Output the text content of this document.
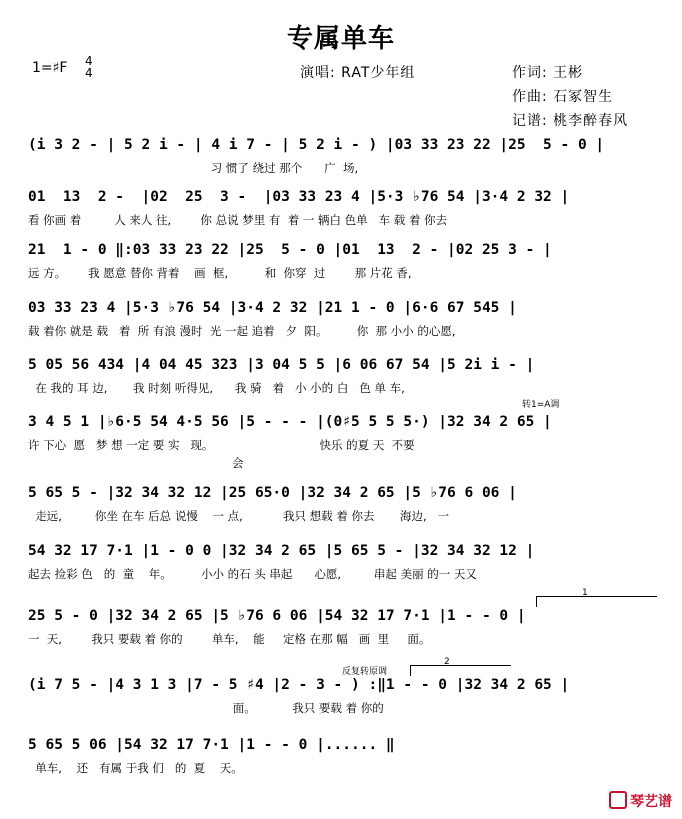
专属单车
1=♯F 4
4	演唱: RAT少年组	作词: 王彬
作曲: 石冢智生
记谱: 桃李醉春风
(i 3 2 - | 5 2 i - | 4 i 7 - | 5 2 i - ) |03 33 23 22 |25  5 - 0 |
习 惯了 绕过 那个      广  场,
01  13  2 -  |02  25  3 -  |03 33 23 4 |5·3 ♭76 54 |3·4 2 32 |
看 你画 着         人 来人 往,        你 总说 梦里 有  着 一 辆白 色单   车 载 着 你去
21  1 - 0 ‖:03 33 23 22 |25  5 - 0 |01  13  2 - |02 25 3 - |
远 方。      我 愿意 替你 背着    画  框,          和  你穿  过        那 片花 香,
03 33 23 4 |5·3 ♭76 54 |3·4 2 32 |21 1 - 0 |6·6 67 545 |
载 着你 就是 载   着  所 有浪 漫时  光 一起 追着   夕  阳。        你  那 小小 的心愿,
5 05 56 434 |4 04 45 323 |3 04 5 5 |6 06 67 54 |5 2i i - |
在 我的 耳 边,       我 时刻 听得见,      我 骑   着   小 小的 白   色 单 车,
转1=A调
3 4 5 1 |♭6·5 54 4·5 56 |5 - - - |(0♯5 5 5 5·) |32 34 2 65 |
许 下心  愿   梦 想 一定 要 实   现。                             快乐 的夏 天  不要
会
5 65 5 - |32 34 32 12 |25 65·0 |32 34 2 65 |5 ♭76 6 06 |
走远,         你坐 在车 后总 说慢    一 点,           我只 想载 着 你去       海边,   一
54 32 17 7·1 |1 - 0 0 |32 34 2 65 |5 65 5 - |32 34 32 12 |
起去 捡彩 色   的  童    年。        小小 的石 头 串起      心愿,         串起 美丽 的一 天又
1
25 5 - 0 |32 34 2 65 |5 ♭76 6 06 |54 32 17 7·1 |1 - - 0 |
一  天,        我只 要载 着 你的        单车,    能     定格 在那 幅   画  里     面。
反复转原调
2
(i 7 5 - |4 3 1 3 |7 - 5 ♯4 |2 - 3 - ) :‖1 - - 0 |32 34 2 65 |
面。          我只 要载 着 你的
5 65 5 06 |54 32 17 7·1 |1 - - 0 |...... ‖
单车,    还   有属 于我 们   的  夏    天。
琴艺谱
